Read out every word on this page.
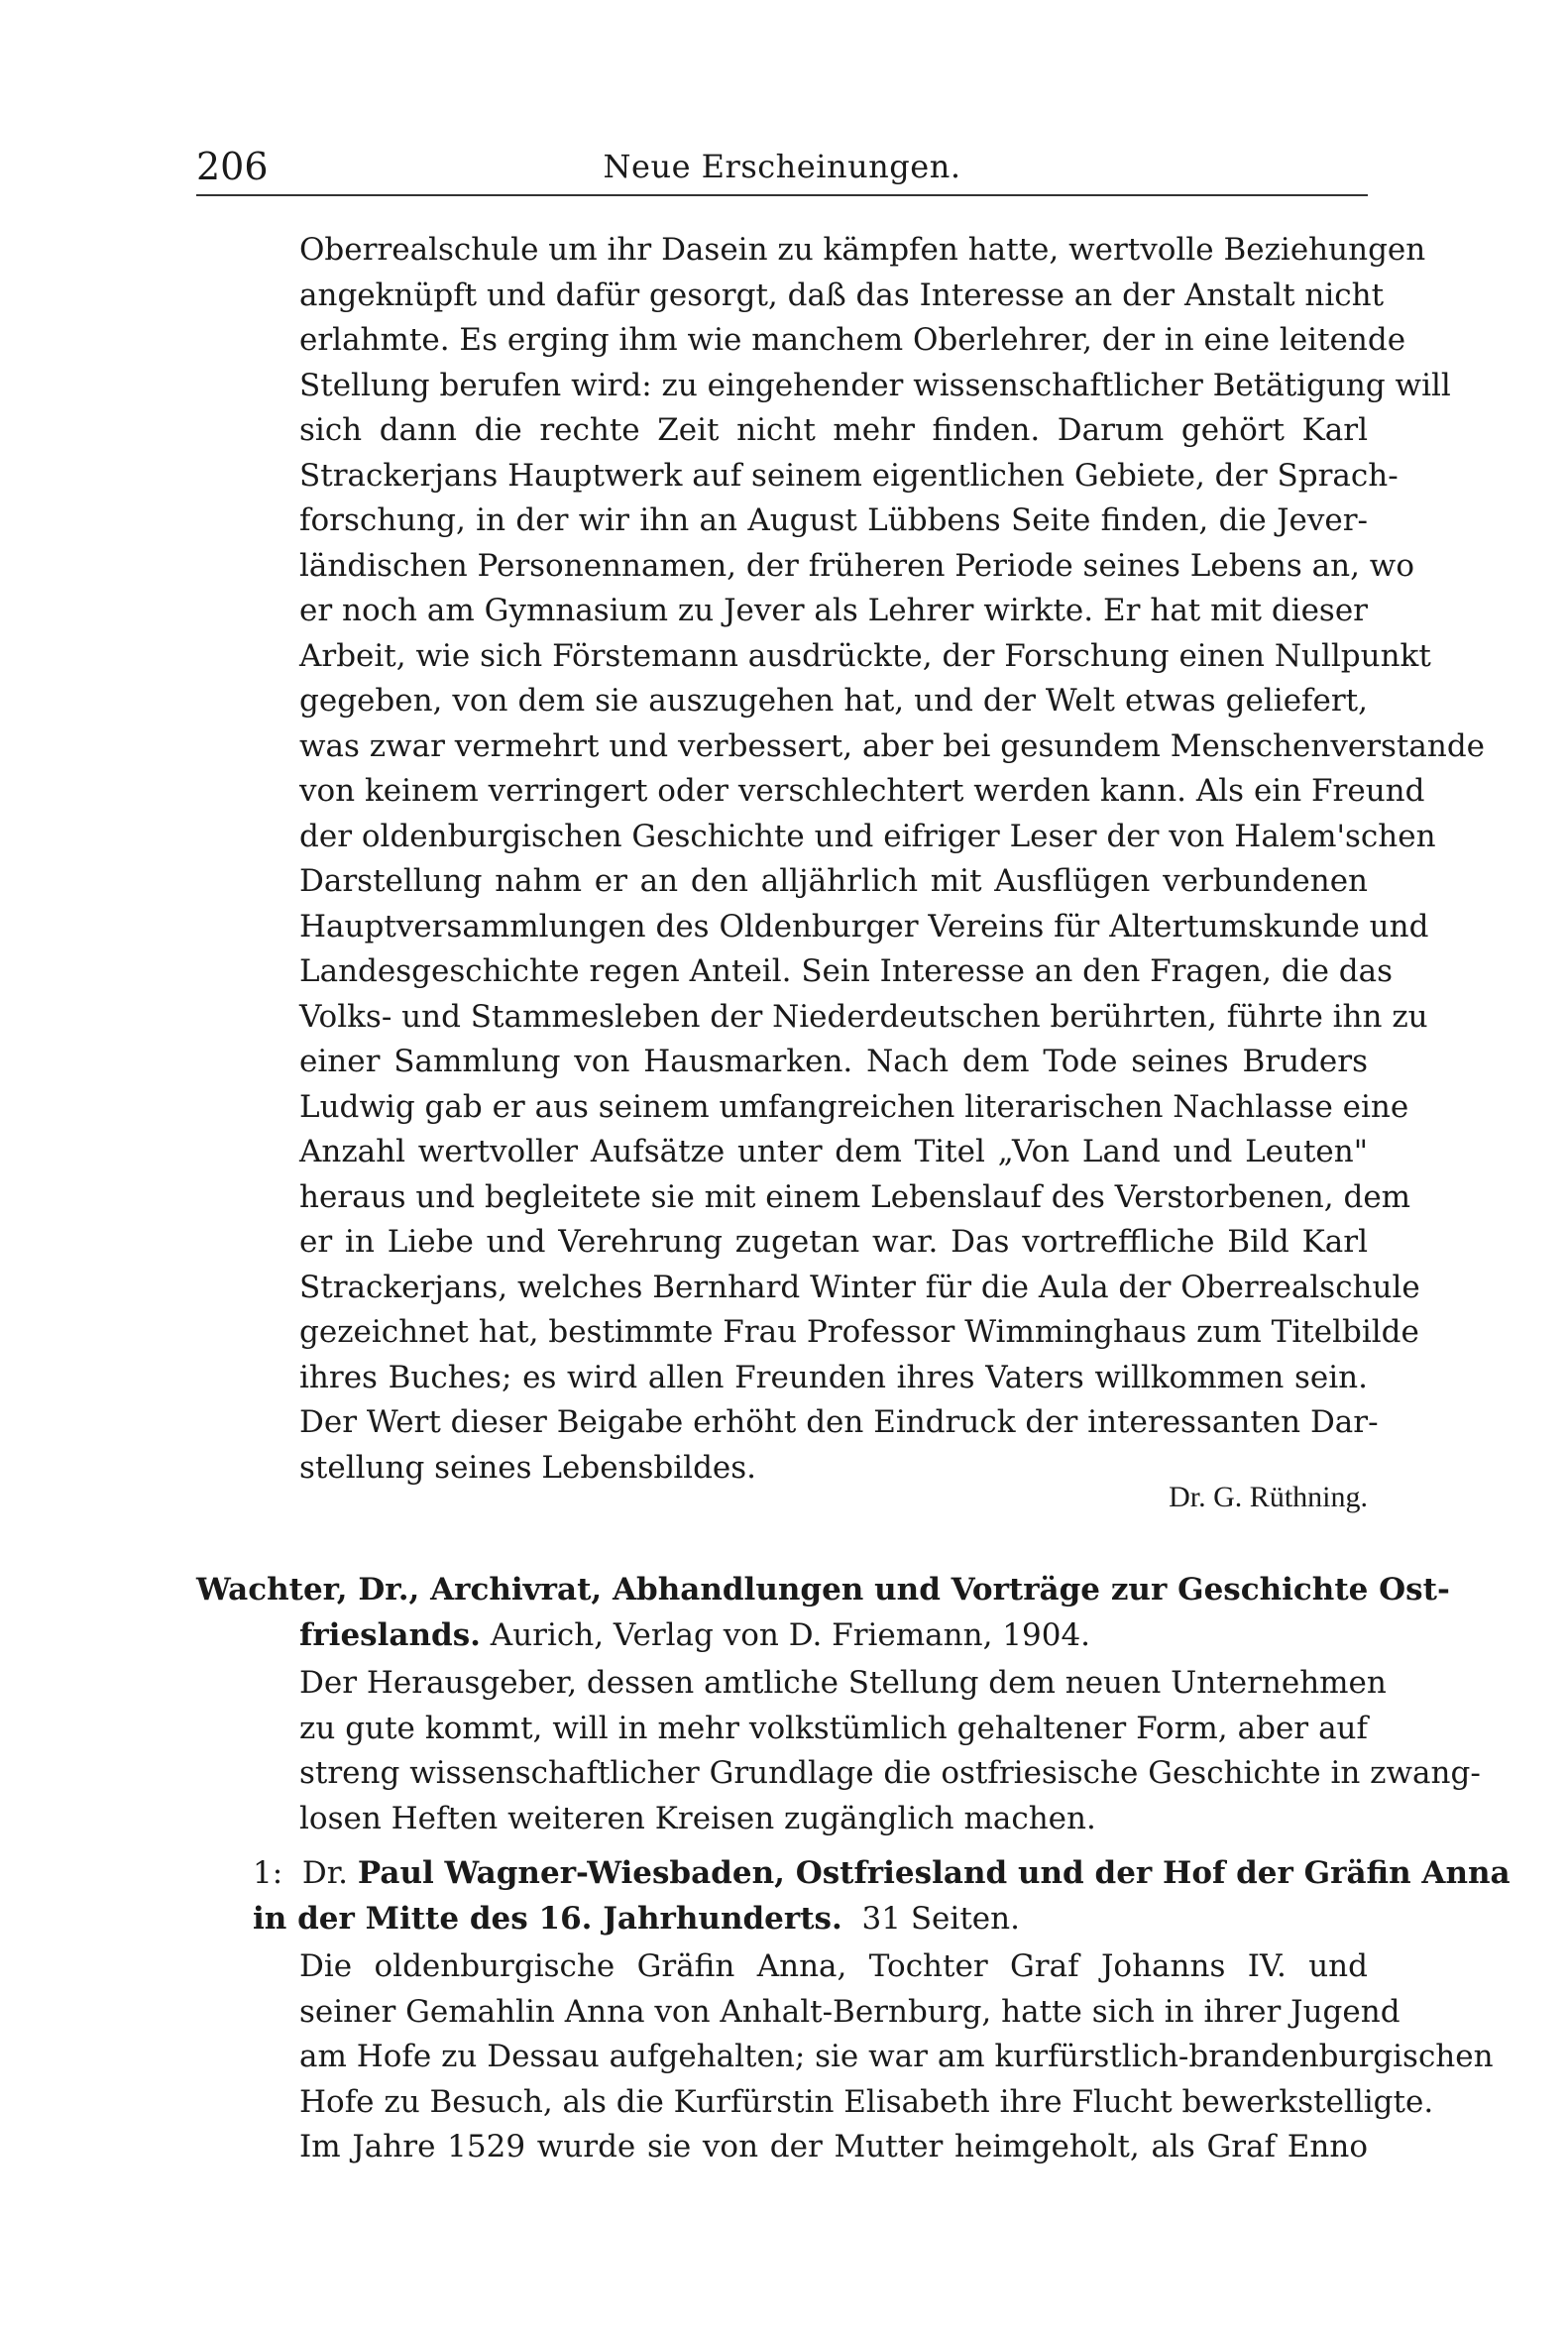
206	Neue Erscheinungen.
Oberrealschule um ihr Dasein zu kämpfen hatte, wertvolle Beziehungen
angeknüpft und dafür gesorgt, daß das Interesse an der Anstalt nicht
erlahmte. Es erging ihm wie manchem Oberlehrer, der in eine leitende
Stellung berufen wird: zu eingehender wissenschaftlicher Betätigung will
sich dann die rechte Zeit nicht mehr finden. Darum gehört Karl
Strackerjans Hauptwerk auf seinem eigentlichen Gebiete, der Sprach-
forschung, in der wir ihn an August Lübbens Seite finden, die Jever-
ländischen Personennamen, der früheren Periode seines Lebens an, wo
er noch am Gymnasium zu Jever als Lehrer wirkte. Er hat mit dieser
Arbeit, wie sich Förstemann ausdrückte, der Forschung einen Nullpunkt
gegeben, von dem sie auszugehen hat, und der Welt etwas geliefert,
was zwar vermehrt und verbessert, aber bei gesundem Menschenverstande
von keinem verringert oder verschlechtert werden kann. Als ein Freund
der oldenburgischen Geschichte und eifriger Leser der von Halem'schen
Darstellung nahm er an den alljährlich mit Ausflügen verbundenen
Hauptversammlungen des Oldenburger Vereins für Altertumskunde und
Landesgeschichte regen Anteil. Sein Interesse an den Fragen, die das
Volks- und Stammesleben der Niederdeutschen berührten, führte ihn zu
einer Sammlung von Hausmarken. Nach dem Tode seines Bruders
Ludwig gab er aus seinem umfangreichen literarischen Nachlasse eine
Anzahl wertvoller Aufsätze unter dem Titel „Von Land und Leuten"
heraus und begleitete sie mit einem Lebenslauf des Verstorbenen, dem
er in Liebe und Verehrung zugetan war. Das vortreffliche Bild Karl
Strackerjans, welches Bernhard Winter für die Aula der Oberrealschule
gezeichnet hat, bestimmte Frau Professor Wimminghaus zum Titelbilde
ihres Buches; es wird allen Freunden ihres Vaters willkommen sein.
Der Wert dieser Beigabe erhöht den Eindruck der interessanten Dar-
stellung seines Lebensbildes.
Dr. G. Rüthning.
Wachter, Dr., Archivrat, Abhandlungen und Vorträge zur Geschichte Ost-
frieslands. Aurich, Verlag von D. Friemann, 1904.
Der Herausgeber, dessen amtliche Stellung dem neuen Unternehmen
zu gute kommt, will in mehr volkstümlich gehaltener Form, aber auf
streng wissenschaftlicher Grundlage die ostfriesische Geschichte in zwang-
losen Heften weiteren Kreisen zugänglich machen.
1: Dr. Paul Wagner-Wiesbaden, Ostfriesland und der Hof der Gräfin Anna
in der Mitte des 16. Jahrhunderts. 31 Seiten.
Die oldenburgische Gräfin Anna, Tochter Graf Johanns IV. und
seiner Gemahlin Anna von Anhalt-Bernburg, hatte sich in ihrer Jugend
am Hofe zu Dessau aufgehalten; sie war am kurfürstlich-brandenburgischen
Hofe zu Besuch, als die Kurfürstin Elisabeth ihre Flucht bewerkstelligte.
Im Jahre 1529 wurde sie von der Mutter heimgeholt, als Graf Enno
